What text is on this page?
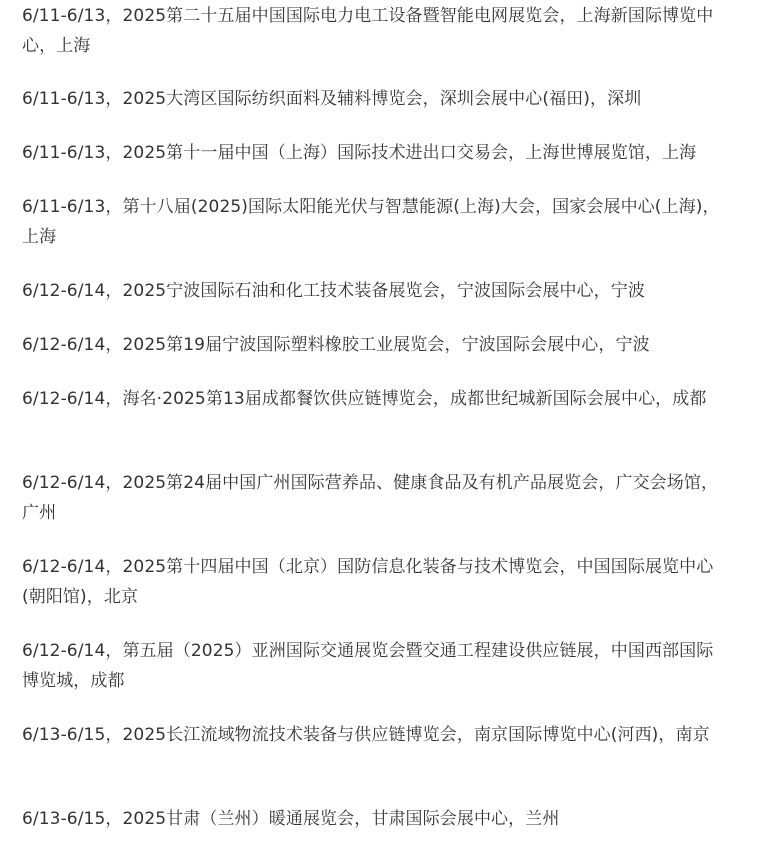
6/11-6/13，2025第二十五届中国国际电力电工设备暨智能电网展览会，上海新国际博览中心，上海

6/11-6/13，2025大湾区国际纺织面料及辅料博览会，深圳会展中心(福田)，深圳

6/11-6/13，2025第十一届中国（上海）国际技术进出口交易会，上海世博展览馆，上海

6/11-6/13，第十八届(2025)国际太阳能光伏与智慧能源(上海)大会，国家会展中心(上海)，上海

6/12-6/14，2025宁波国际石油和化工技术装备展览会，宁波国际会展中心，宁波

6/12-6/14，2025第19届宁波国际塑料橡胶工业展览会，宁波国际会展中心，宁波

6/12-6/14，海名·2025第13届成都餐饮供应链博览会，成都世纪城新国际会展中心，成都

6/12-6/14，2025第24届中国广州国际营养品、健康食品及有机产品展览会，广交会场馆，广州

6/12-6/14，2025第十四届中国（北京）国防信息化装备与技术博览会，中国国际展览中心(朝阳馆)，北京

6/12-6/14，第五届（2025）亚洲国际交通展览会暨交通工程建设供应链展，中国西部国际博览城，成都

6/13-6/15，2025长江流域物流技术装备与供应链博览会，南京国际博览中心(河西)，南京

6/13-6/15，2025甘肃（兰州）暖通展览会，甘肃国际会展中心，兰州
